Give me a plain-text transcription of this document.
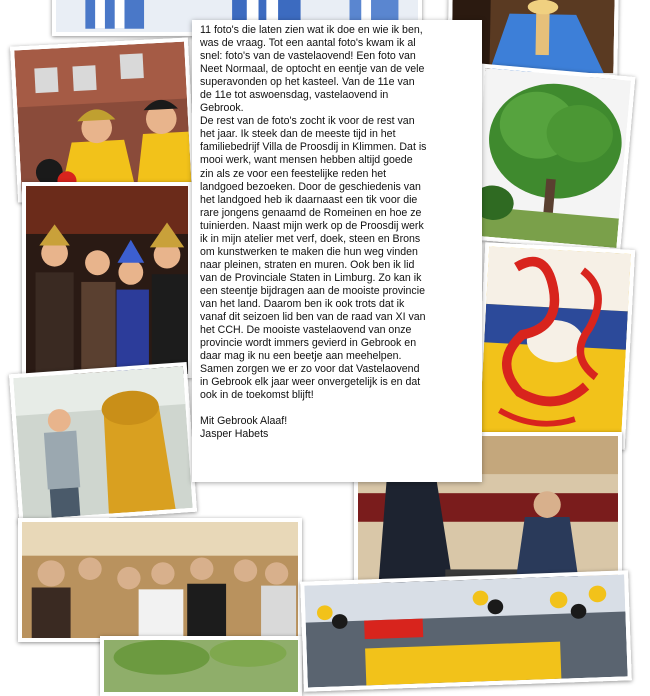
11 foto's die laten zien wat ik doe en wie ik ben,
was de vraag. Tot een aantal foto's kwam ik al
snel: foto's van de vastelaovend! Een foto van
Neet Normaal, de optocht en eentje van de vele
superavonden op het kasteel. Van de 11e van
de 11e tot aswoensdag, vastelaovend in
Gebrook.

De rest van de foto's zocht ik voor de rest van
het jaar. Ik steek dan de meeste tijd in het
familiebedrijf Villa de Proosdij in Klimmen. Dat is
mooi werk, want mensen hebben altijd goede
zin als ze voor een feestelijke reden het
landgoed bezoeken. Door de geschiedenis van
het landgoed heb ik daarnaast een tik voor die
rare jongens genaamd de Romeinen en hoe ze
tuinierden. Naast mijn werk op de Proosdij werk
ik in mijn atelier met verf, doek, steen en Brons
om kunstwerken te maken die hun weg vinden
naar pleinen, straten en muren. Ook ben ik lid
van de Provinciale Staten in Limburg. Zo kan ik
een steentje bijdragen aan de mooiste provincie
van het land. Daarom ben ik ook trots dat ik
vanaf dit seizoen lid ben van de raad van XI van
het CCH. De mooiste vastelaovend van onze
provincie wordt immers gevierd in Gebrook en
daar mag ik nu een beetje aan meehelpen.
Samen zorgen we er zo voor dat Vastelaovend
in Gebrook elk jaar weer onvergetelijk is en dat
ook in de toekomst blijft!

Mit Gebrook Alaaf!

Jasper Habets
